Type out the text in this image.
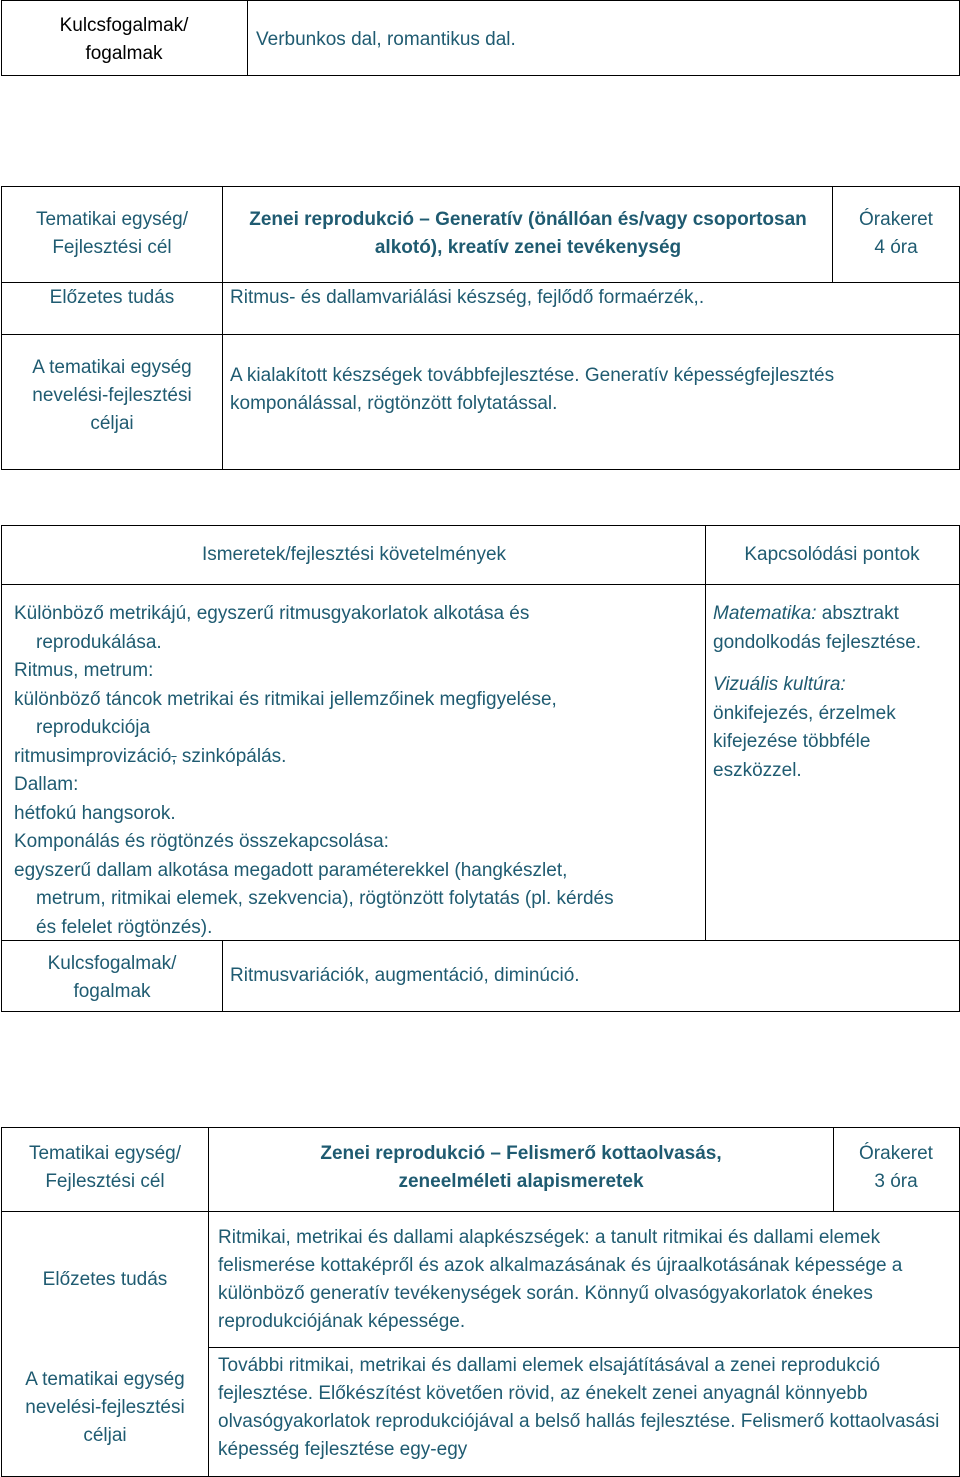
Kulcsfogalmak/
fogalmak
Verbunkos dal, romantikus dal.
Tematikai egység/
Fejlesztési cél
Zenei reprodukció – Generatív (önállóan és/vagy csoportosan alkotó), kreatív zenei tevékenység
Órakeret
4 óra
Előzetes tudás	Ritmus- és dallamvariálási készség, fejlődő formaérzék,.
A tematikai egység
nevelési-fejlesztési
céljai
A kialakított készségek továbbfejlesztése. Generatív képességfejlesztés komponálással, rögtönzött folytatással.
Ismeretek/fejlesztési követelmények	Kapcsolódási pontok
Különböző metrikájú, egyszerű ritmusgyakorlatok alkotása és
reprodukálása.
Ritmus, metrum:
különböző táncok metrikai és ritmikai jellemzőinek megfigyelése,
reprodukciója
ritmusimprovizáció, szinkópálás.
Dallam:
hétfokú hangsorok.
Komponálás és rögtönzés összekapcsolása:
egyszerű dallam alkotása megadott paraméterekkel (hangkészlet,
metrum, ritmikai elemek, szekvencia), rögtönzött folytatás (pl. kérdés
és felelet rögtönzés).
Matematika: absztrakt
gondolkodás fejlesztése.
Vizuális kultúra:
önkifejezés, érzelmek
kifejezése többféle
eszközzel.
Kulcsfogalmak/
fogalmak
Ritmusvariációk, augmentáció, diminúció.
Tematikai egység/
Fejlesztési cél
Zenei reprodukció – Felismerő kottaolvasás,
zeneelméleti alapismeretek
Órakeret
3 óra
Előzetes tudás
Ritmikai, metrikai és dallami alapkészségek: a tanult ritmikai és dallami elemek felismerése kottaképről és azok alkalmazásának és újraalkotásának képessége a különböző generatív tevékenységek során. Könnyű olvasógyakorlatok énekes reprodukciójának képessége.
A tematikai egység
nevelési-fejlesztési
céljai
További ritmikai, metrikai és dallami elemek elsajátításával a zenei reprodukció fejlesztése. Előkészítést követően rövid, az énekelt zenei anyagnál könnyebb olvasógyakorlatok reprodukciójával a belső hallás fejlesztése. Felismerő kottaolvasási képesség fejlesztése egy-egy
